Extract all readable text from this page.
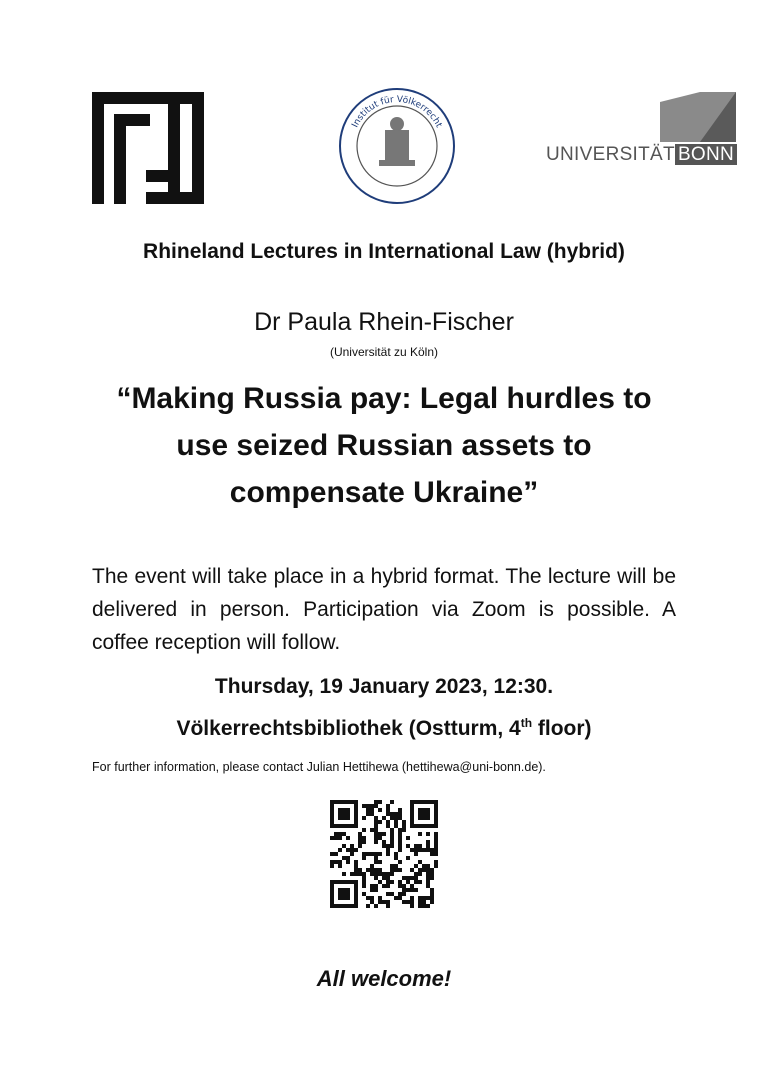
Institut für Völkerrecht
UNIVERSITÄT BONN
Rhineland Lectures in International Law (hybrid)
Dr Paula Rhein-Fischer
(Universität zu Köln)
“Making Russia pay: Legal hurdles to
use seized Russian assets to
compensate Ukraine”
The event will take place in a hybrid format. The lecture will be delivered in person. Participation via Zoom is possible. A coffee reception will follow.
Thursday, 19 January 2023, 12:30.
Völkerrechtsbibliothek (Ostturm, 4th floor)
For further information, please contact Julian Hettihewa (hettihewa@uni-bonn.de).
All welcome!
